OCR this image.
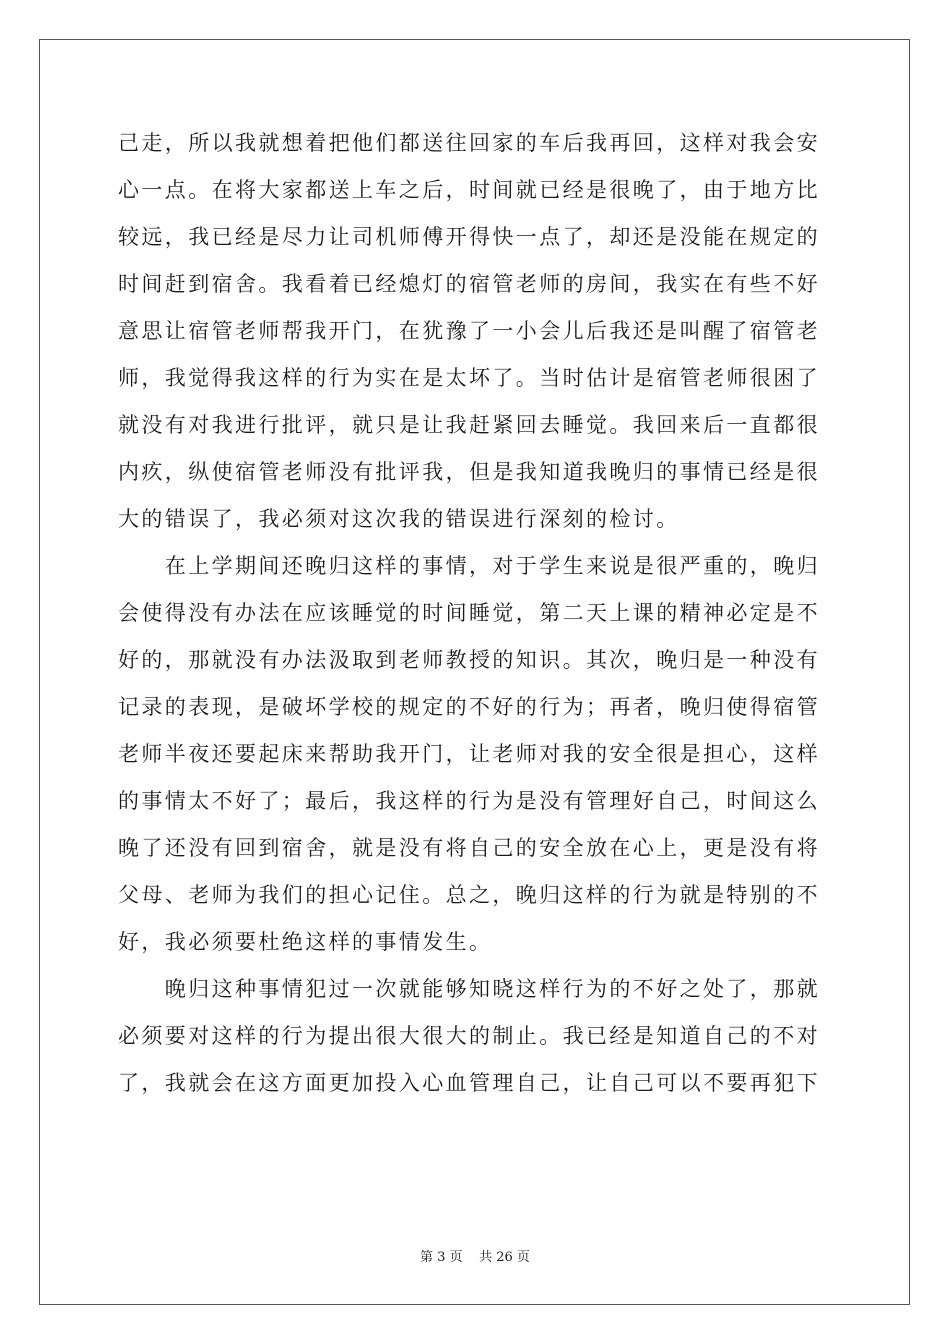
己走，所以我就想着把他们都送往回家的车后我再回，这样对我会安
心一点。在将大家都送上车之后，时间就已经是很晚了，由于地方比
较远，我已经是尽力让司机师傅开得快一点了，却还是没能在规定的
时间赶到宿舍。我看着已经熄灯的宿管老师的房间，我实在有些不好
意思让宿管老师帮我开门，在犹豫了一小会儿后我还是叫醒了宿管老
师，我觉得我这样的行为实在是太坏了。当时估计是宿管老师很困了
就没有对我进行批评，就只是让我赶紧回去睡觉。我回来后一直都很
内疚，纵使宿管老师没有批评我，但是我知道我晚归的事情已经是很
大的错误了，我必须对这次我的错误进行深刻的检讨。
　　在上学期间还晚归这样的事情，对于学生来说是很严重的，晚归
会使得没有办法在应该睡觉的时间睡觉，第二天上课的精神必定是不
好的，那就没有办法汲取到老师教授的知识。其次，晚归是一种没有
记录的表现，是破坏学校的规定的不好的行为；再者，晚归使得宿管
老师半夜还要起床来帮助我开门，让老师对我的安全很是担心，这样
的事情太不好了；最后，我这样的行为是没有管理好自己，时间这么
晚了还没有回到宿舍，就是没有将自己的安全放在心上，更是没有将
父母、老师为我们的担心记住。总之，晚归这样的行为就是特别的不
好，我必须要杜绝这样的事情发生。
　　晚归这种事情犯过一次就能够知晓这样行为的不好之处了，那就
必须要对这样的行为提出很大很大的制止。我已经是知道自己的不对
了，我就会在这方面更加投入心血管理自己，让自己可以不要再犯下
第 3 页 共 26 页
